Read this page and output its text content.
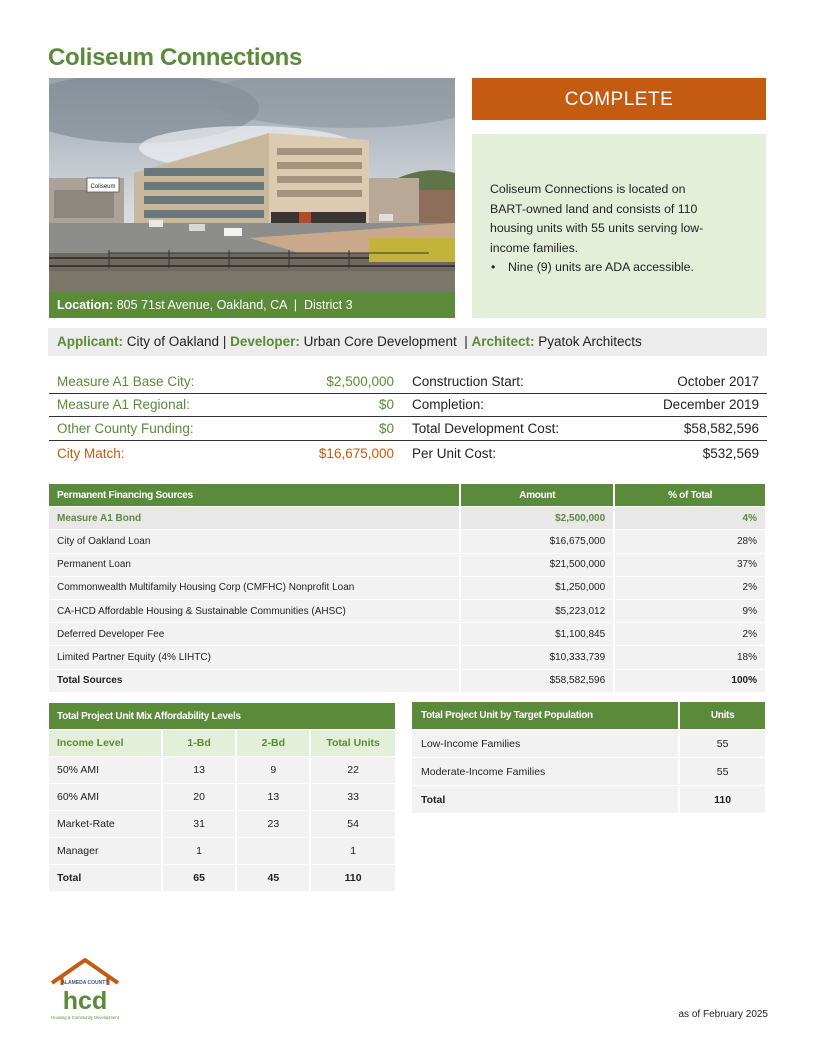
Coliseum Connections
Coliseum
Location: 805 71st Avenue, Oakland, CA | District 3
COMPLETE
Coliseum Connections is located on BART-owned land and consists of 110 housing units with 55 units serving low-income families.
• Nine (9) units are ADA accessible.
Applicant: City of Oakland | Developer: Urban Core Development  | Architect: Pyatok Architects
Measure A1 Base City:	$2,500,000 Construction Start:	October 2017
Measure A1 Regional:	$0 Completion:	December 2019
Other County Funding:	$0 Total Development Cost:	$58,582,596
City Match:	$16,675,000 Per Unit Cost:	$532,569
Permanent Financing Sources	Amount	% of Total
Measure A1 Bond	$2,500,000	4%
City of Oakland Loan	$16,675,000	28%
Permanent Loan	$21,500,000	37%
Commonwealth Multifamily Housing Corp (CMFHC) Nonprofit Loan	$1,250,000	2%
CA-HCD Affordable Housing & Sustainable Communities (AHSC)	$5,223,012	9%
Deferred Developer Fee	$1,100,845	2%
Limited Partner Equity (4% LIHTC)	$10,333,739	18%
Total Sources	$58,582,596	100%
Total Project Unit Mix Affordability Levels			
Income Level	1-Bd	2-Bd	Total Units
50% AMI	13	9	22
60% AMI	20	13	33
Market-Rate	31	23	54
Manager	1		1
Total	65	45	110
Total Project Unit by Target Population	Units
Low-Income Families	55
Moderate-Income Families	55
Total	110
ALAMEDA COUNTY
hcd
Housing & Community Development	as of February 2025
